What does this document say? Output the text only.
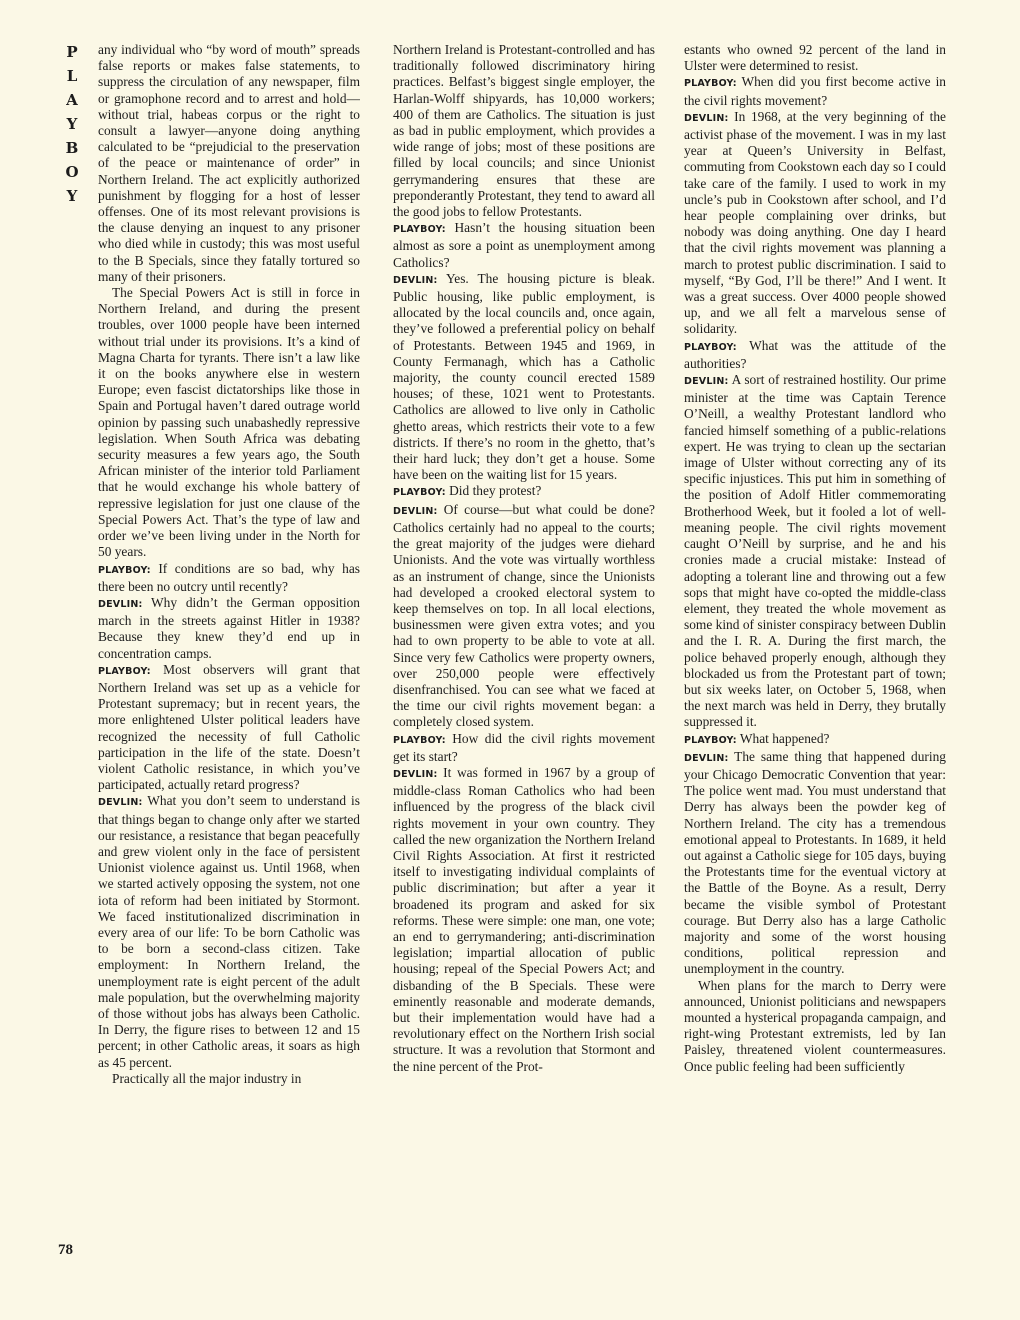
P
L
A
Y
B
O
Y
78

any individual who “by word of mouth” spreads false reports or makes false statements, to suppress the circulation of any newspaper, film or gramophone record and to arrest and hold—without trial, habeas corpus or the right to consult a lawyer—anyone doing anything calculated to be “prejudicial to the preservation of the peace or maintenance of order” in Northern Ireland. The act explicitly authorized punishment by flogging for a host of lesser offenses. One of its most relevant provisions is the clause denying an inquest to any prisoner who died while in custody; this was most useful to the B Specials, since they fatally tortured so many of their prisoners.

The Special Powers Act is still in force in Northern Ireland, and during the present troubles, over 1000 people have been interned without trial under its provisions. It’s a kind of Magna Charta for tyrants. There isn’t a law like it on the books anywhere else in western Europe; even fascist dictatorships like those in Spain and Portugal haven’t dared outrage world opinion by passing such unabashedly repressive legislation. When South Africa was debating security measures a few years ago, the South African minister of the interior told Parliament that he would exchange his whole battery of repressive legislation for just one clause of the Special Powers Act. That’s the type of law and order we’ve been living under in the North for 50 years.

PLAYBOY: If conditions are so bad, why has there been no outcry until recently?

DEVLIN: Why didn’t the German opposition march in the streets against Hitler in 1938? Because they knew they’d end up in concentration camps.

PLAYBOY: Most observers will grant that Northern Ireland was set up as a vehicle for Protestant supremacy; but in recent years, the more enlightened Ulster political leaders have recognized the necessity of full Catholic participation in the life of the state. Doesn’t violent Catholic resistance, in which you’ve participated, actually retard progress?

DEVLIN: What you don’t seem to understand is that things began to change only after we started our resistance, a resistance that began peacefully and grew violent only in the face of persistent Unionist violence against us. Until 1968, when we started actively opposing the system, not one iota of reform had been initiated by Stormont. We faced institutionalized discrimination in every area of our life: To be born Catholic was to be born a second-class citizen. Take employment: In Northern Ireland, the unemployment rate is eight percent of the adult male population, but the overwhelming majority of those without jobs has always been Catholic. In Derry, the figure rises to between 12 and 15 percent; in other Catholic areas, it soars as high as 45 percent.

Practically all the major industry in

Northern Ireland is Protestant-controlled and has traditionally followed discriminatory hiring practices. Belfast’s biggest single employer, the Harlan-Wolff shipyards, has 10,000 workers; 400 of them are Catholics. The situation is just as bad in public employment, which provides a wide range of jobs; most of these positions are filled by local councils; and since Unionist gerrymandering ensures that these are preponderantly Protestant, they tend to award all the good jobs to fellow Protestants.

PLAYBOY: Hasn’t the housing situation been almost as sore a point as unemployment among Catholics?

DEVLIN: Yes. The housing picture is bleak. Public housing, like public employment, is allocated by the local councils and, once again, they’ve followed a preferential policy on behalf of Protestants. Between 1945 and 1969, in County Fermanagh, which has a Catholic majority, the county council erected 1589 houses; of these, 1021 went to Protestants. Catholics are allowed to live only in Catholic ghetto areas, which restricts their vote to a few districts. If there’s no room in the ghetto, that’s their hard luck; they don’t get a house. Some have been on the waiting list for 15 years.

PLAYBOY: Did they protest?

DEVLIN: Of course—but what could be done? Catholics certainly had no appeal to the courts; the great majority of the judges were diehard Unionists. And the vote was virtually worthless as an instrument of change, since the Unionists had developed a crooked electoral system to keep themselves on top. In all local elections, businessmen were given extra votes; and you had to own property to be able to vote at all. Since very few Catholics were property owners, over 250,000 people were effectively disenfranchised. You can see what we faced at the time our civil rights movement began: a completely closed system.

PLAYBOY: How did the civil rights movement get its start?

DEVLIN: It was formed in 1967 by a group of middle-class Roman Catholics who had been influenced by the progress of the black civil rights movement in your own country. They called the new organization the Northern Ireland Civil Rights Association. At first it restricted itself to investigating individual complaints of public discrimination; but after a year it broadened its program and asked for six reforms. These were simple: one man, one vote; an end to gerrymandering; anti-discrimination legislation; impartial allocation of public housing; repeal of the Special Powers Act; and disbanding of the B Specials. These were eminently reasonable and moderate demands, but their implementation would have had a revolutionary effect on the Northern Irish social structure. It was a revolution that Stormont and the nine percent of the Prot-

estants who owned 92 percent of the land in Ulster were determined to resist.

PLAYBOY: When did you first become active in the civil rights movement?

DEVLIN: In 1968, at the very beginning of the activist phase of the movement. I was in my last year at Queen’s University in Belfast, commuting from Cookstown each day so I could take care of the family. I used to work in my uncle’s pub in Cookstown after school, and I’d hear people complaining over drinks, but nobody was doing anything. One day I heard that the civil rights movement was planning a march to protest public discrimination. I said to myself, “By God, I’ll be there!” And I went. It was a great success. Over 4000 people showed up, and we all felt a marvelous sense of solidarity.

PLAYBOY: What was the attitude of the authorities?

DEVLIN: A sort of restrained hostility. Our prime minister at the time was Captain Terence O’Neill, a wealthy Protestant landlord who fancied himself something of a public-relations expert. He was trying to clean up the sectarian image of Ulster without correcting any of its specific injustices. This put him in something of the position of Adolf Hitler commemorating Brotherhood Week, but it fooled a lot of well-meaning people. The civil rights movement caught O’Neill by surprise, and he and his cronies made a crucial mistake: Instead of adopting a tolerant line and throwing out a few sops that might have co-opted the middle-class element, they treated the whole movement as some kind of sinister conspiracy between Dublin and the I. R. A. During the first march, the police behaved properly enough, although they blockaded us from the Protestant part of town; but six weeks later, on October 5, 1968, when the next march was held in Derry, they brutally suppressed it.

PLAYBOY: What happened?

DEVLIN: The same thing that happened during your Chicago Democratic Convention that year: The police went mad. You must understand that Derry has always been the powder keg of Northern Ireland. The city has a tremendous emotional appeal to Protestants. In 1689, it held out against a Catholic siege for 105 days, buying the Protestants time for the eventual victory at the Battle of the Boyne. As a result, Derry became the visible symbol of Protestant courage. But Derry also has a large Catholic majority and some of the worst housing conditions, political repression and unemployment in the country.

When plans for the march to Derry were announced, Unionist politicians and newspapers mounted a hysterical propaganda campaign, and right-wing Protestant extremists, led by Ian Paisley, threatened violent countermeasures. Once public feeling had been sufficiently
